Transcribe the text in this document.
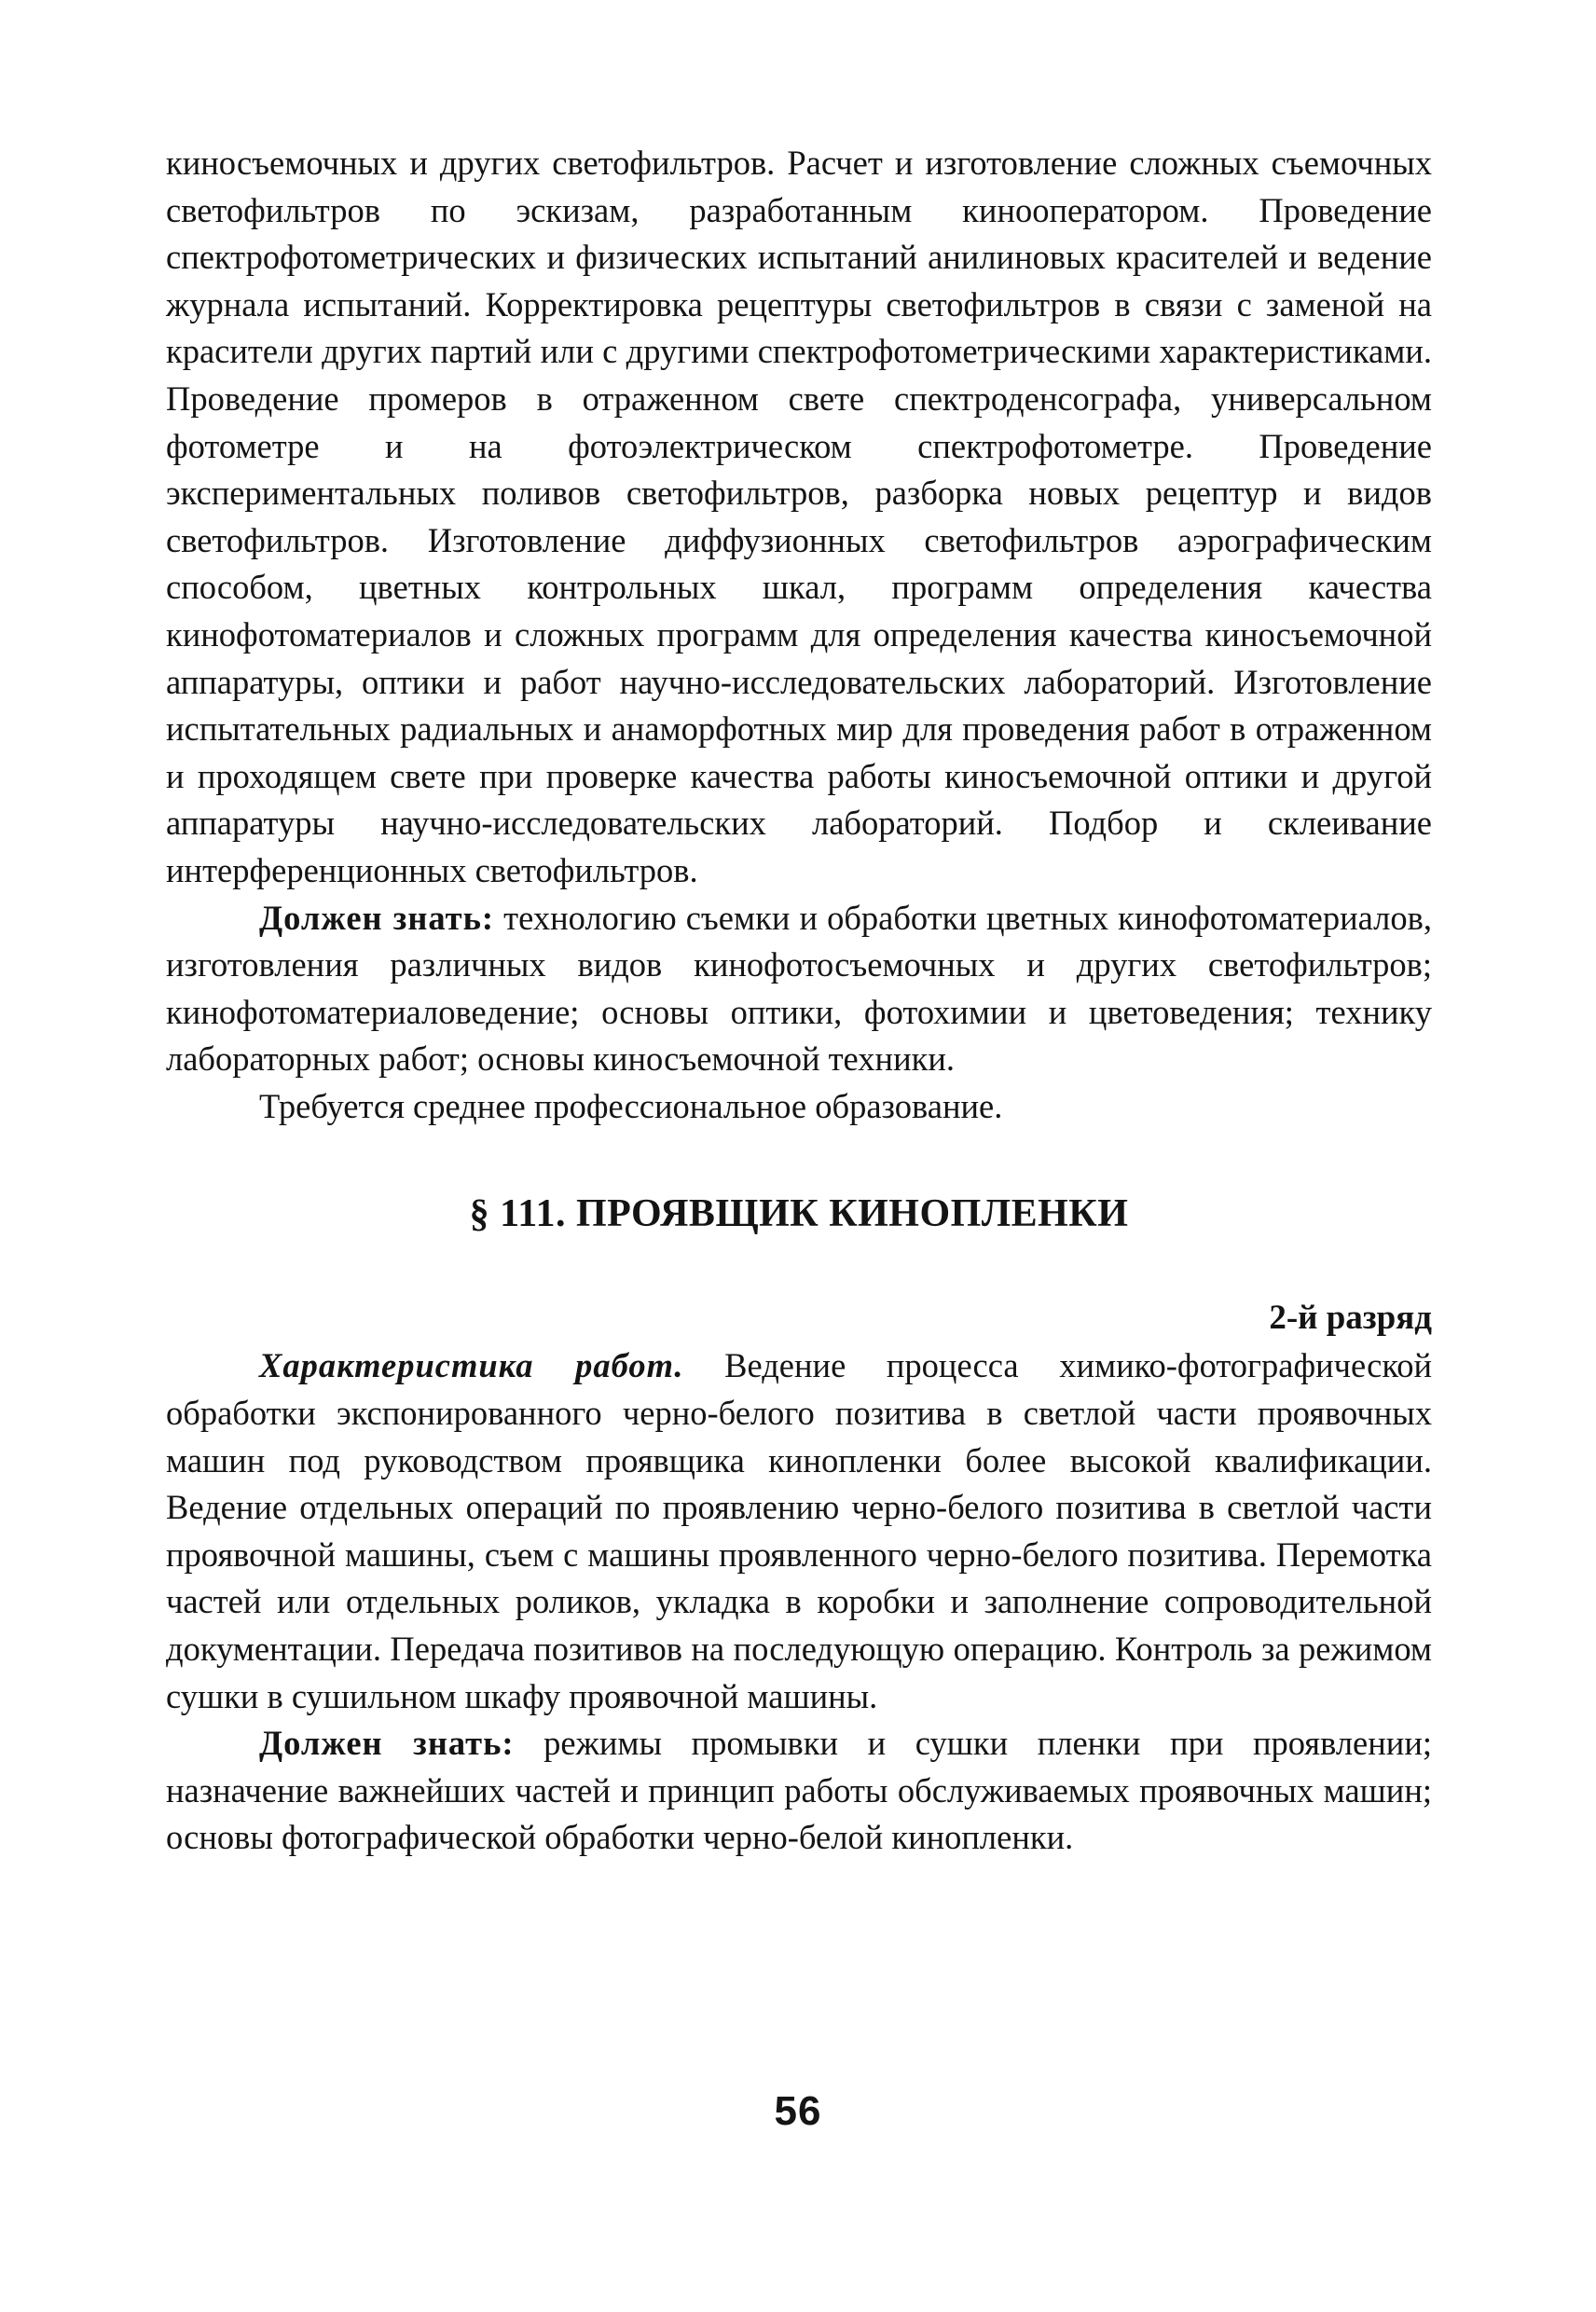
киносъемочных и других светофильтров. Расчет и изготовление сложных съемочных светофильтров по эскизам, разработанным кинооператором. Проведение спектрофотометрических и физических испытаний анилиновых красителей и ведение журнала испытаний. Корректировка рецептуры светофильтров в связи с заменой на красители других партий или с другими спектрофотометрическими характеристиками. Проведение промеров в отраженном свете спектроденсографа, универсальном фотометре и на фотоэлектрическом спектрофотометре. Проведение экспериментальных поливов светофильтров, разборка новых рецептур и видов светофильтров. Изготовление диффузионных светофильтров аэрографическим способом, цветных контрольных шкал, программ определения качества кинофотоматериалов и сложных программ для определения качества киносъемочной аппаратуры, оптики и работ научно-исследовательских лабораторий. Изготовление испытательных радиальных и анаморфотных мир для проведения работ в отраженном и проходящем свете при проверке качества работы киносъемочной оптики и другой аппаратуры научно-исследовательских лабораторий. Подбор и склеивание интерференционных светофильтров.

Должен знать: технологию съемки и обработки цветных кинофотоматериалов, изготовления различных видов кинофотосъемочных и других светофильтров; кинофотоматериаловедение; основы оптики, фотохимии и цветоведения; технику лабораторных работ; основы киносъемочной техники.

Требуется среднее профессиональное образование.

§ 111. ПРОЯВЩИК КИНОПЛЕНКИ

2-й разряд

Характеристика работ. Ведение процесса химико-фотографической обработки экспонированного черно-белого позитива в светлой части проявочных машин под руководством проявщика кинопленки более высокой квалификации. Ведение отдельных операций по проявлению черно-белого позитива в светлой части проявочной машины, съем с машины проявленного черно-белого позитива. Перемотка частей или отдельных роликов, укладка в коробки и заполнение сопроводительной документации. Передача позитивов на последующую операцию. Контроль за режимом сушки в сушильном шкафу проявочной машины.

Должен знать: режимы промывки и сушки пленки при проявлении; назначение важнейших частей и принцип работы обслуживаемых проявочных машин; основы фотографической обработки черно-белой кинопленки.

56
